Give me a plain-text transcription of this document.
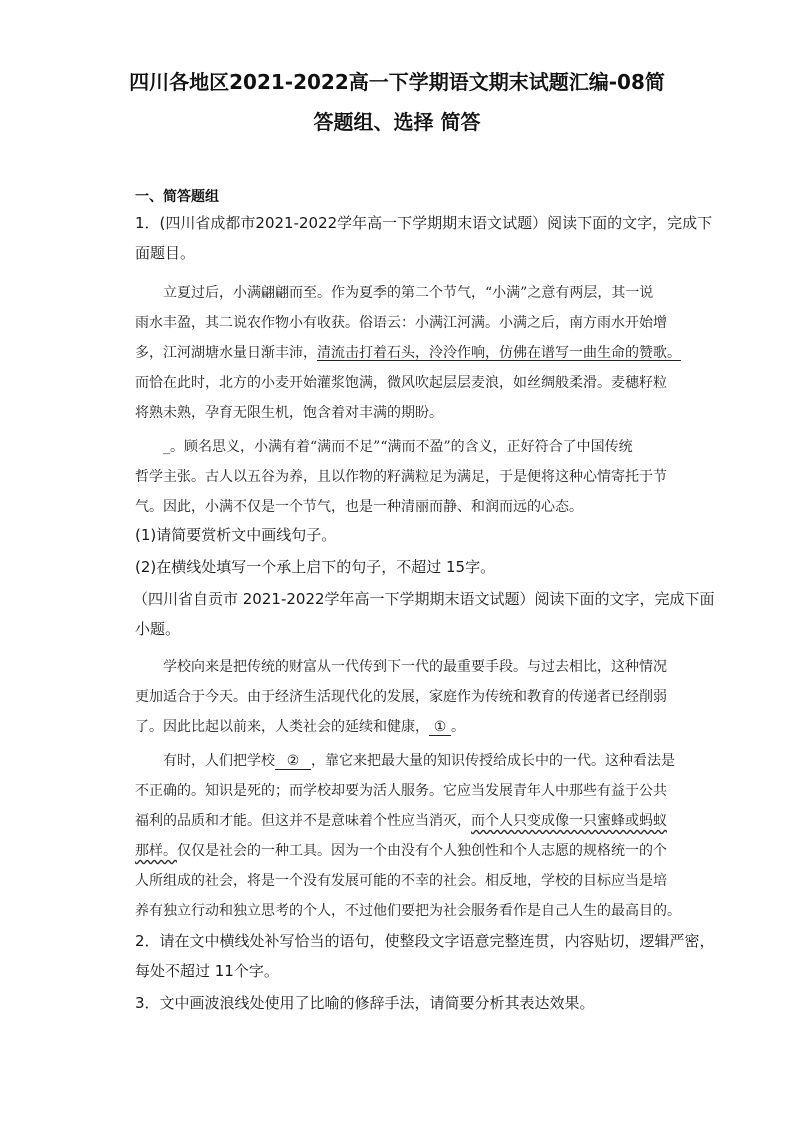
四川各地区2021-2022高一下学期语文期末试题汇编-08简
答题组、选择 简答
一、简答题组
1．(四川省成都市2021-2022学年高一下学期期末语文试题）阅读下面的文字，完成下
面题目。
立夏过后，小满翩翩而至。作为夏季的第二个节气，“小满”之意有两层，其一说
雨水丰盈，其二说农作物小有收获。俗语云：小满江河满。小满之后，南方雨水开始增
多，江河湖塘水量日渐丰沛，清流击打着石头，泠泠作响，仿佛在谱写一曲生命的赞歌。
而恰在此时，北方的小麦开始灌浆饱满，微风吹起层层麦浪，如丝绸般柔滑。麦穗籽粒
将熟未熟，孕育无限生机，饱含着对丰满的期盼。
_。顾名思义，小满有着“满而不足”“满而不盈”的含义，正好符合了中国传统
哲学主张。古人以五谷为养，且以作物的籽满粒足为满足，于是便将这种心情寄托于节
气。因此，小满不仅是一个节气，也是一种清丽而静、和润而远的心态。
(1)请简要赏析文中画线句子。
(2)在横线处填写一个承上启下的句子，不超过 15字。
（四川省自贡市 2021-2022学年高一下学期期末语文试题）阅读下面的文字，完成下面
小题。
学校向来是把传统的财富从一代传到下一代的最重要手段。与过去相比，这种情况
更加适合于今天。由于经济生活现代化的发展，家庭作为传统和教育的传递者已经削弱
了。因此比起以前来，人类社会的延续和健康， ① 。
有时，人们把学校 ② ，靠它来把最大量的知识传授给成长中的一代。这种看法是
不正确的。知识是死的；而学校却要为活人服务。它应当发展青年人中那些有益于公共
福利的品质和才能。但这并不是意味着个性应当消灭， 而个人只变成像一只蜜蜂或蚂蚁
那样。仅仅是社会的一种工具。因为一个由没有个人独创性和个人志愿的规格统一的个
人所组成的社会，将是一个没有发展可能的不幸的社会。相反地，学校的目标应当是培
养有独立行动和独立思考的个人，不过他们要把为社会服务看作是自己人生的最高目的。
2．请在文中横线处补写恰当的语句，使整段文字语意完整连贯，内容贴切，逻辑严密，
每处不超过 11个字。
3．文中画波浪线处使用了比喻的修辞手法，请简要分析其表达效果。
